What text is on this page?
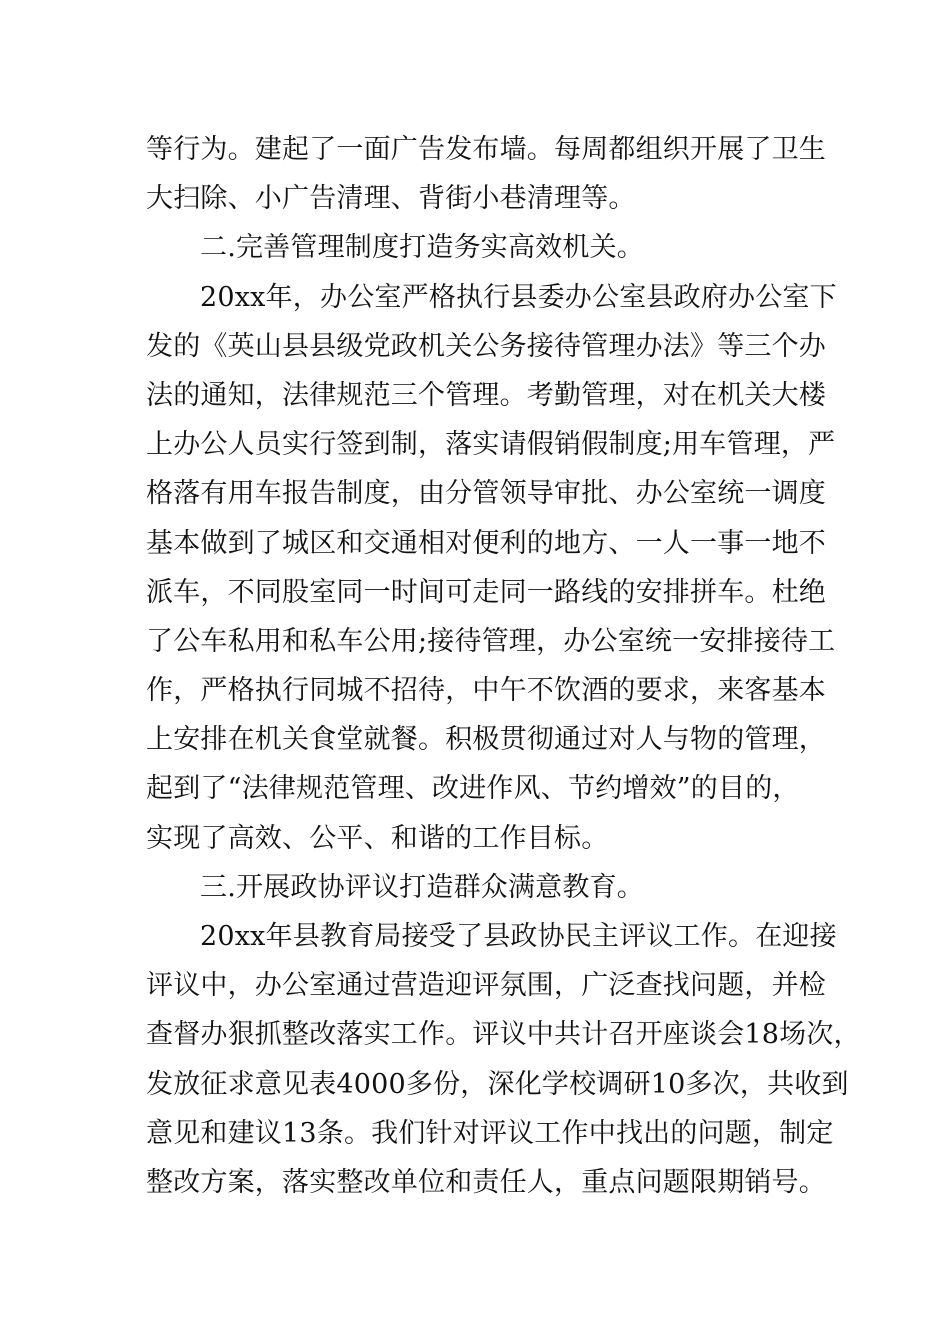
等行为。建起了一面广告发布墙。每周都组织开展了卫生
大扫除、小广告清理、背街小巷清理等。
二.完善管理制度打造务实高效机关。
20xx年，办公室严格执行县委办公室县政府办公室下
发的《英山县县级党政机关公务接待管理办法》等三个办
法的通知，法律规范三个管理。考勤管理，对在机关大楼
上办公人员实行签到制，落实请假销假制度;用车管理，严
格落有用车报告制度，由分管领导审批、办公室统一调度
基本做到了城区和交通相对便利的地方、一人一事一地不
派车，不同股室同一时间可走同一路线的安排拼车。杜绝
了公车私用和私车公用;接待管理，办公室统一安排接待工
作，严格执行同城不招待，中午不饮酒的要求，来客基本
上安排在机关食堂就餐。积极贯彻通过对人与物的管理，
起到了“法律规范管理、改进作风、节约增效”的目的，
实现了高效、公平、和谐的工作目标。
三.开展政协评议打造群众满意教育。
20xx年县教育局接受了县政协民主评议工作。在迎接
评议中，办公室通过营造迎评氛围，广泛查找问题，并检
查督办狠抓整改落实工作。评议中共计召开座谈会18场次，
发放征求意见表4000多份，深化学校调研10多次，共收到
意见和建议13条。我们针对评议工作中找出的问题，制定
整改方案，落实整改单位和责任人，重点问题限期销号。
